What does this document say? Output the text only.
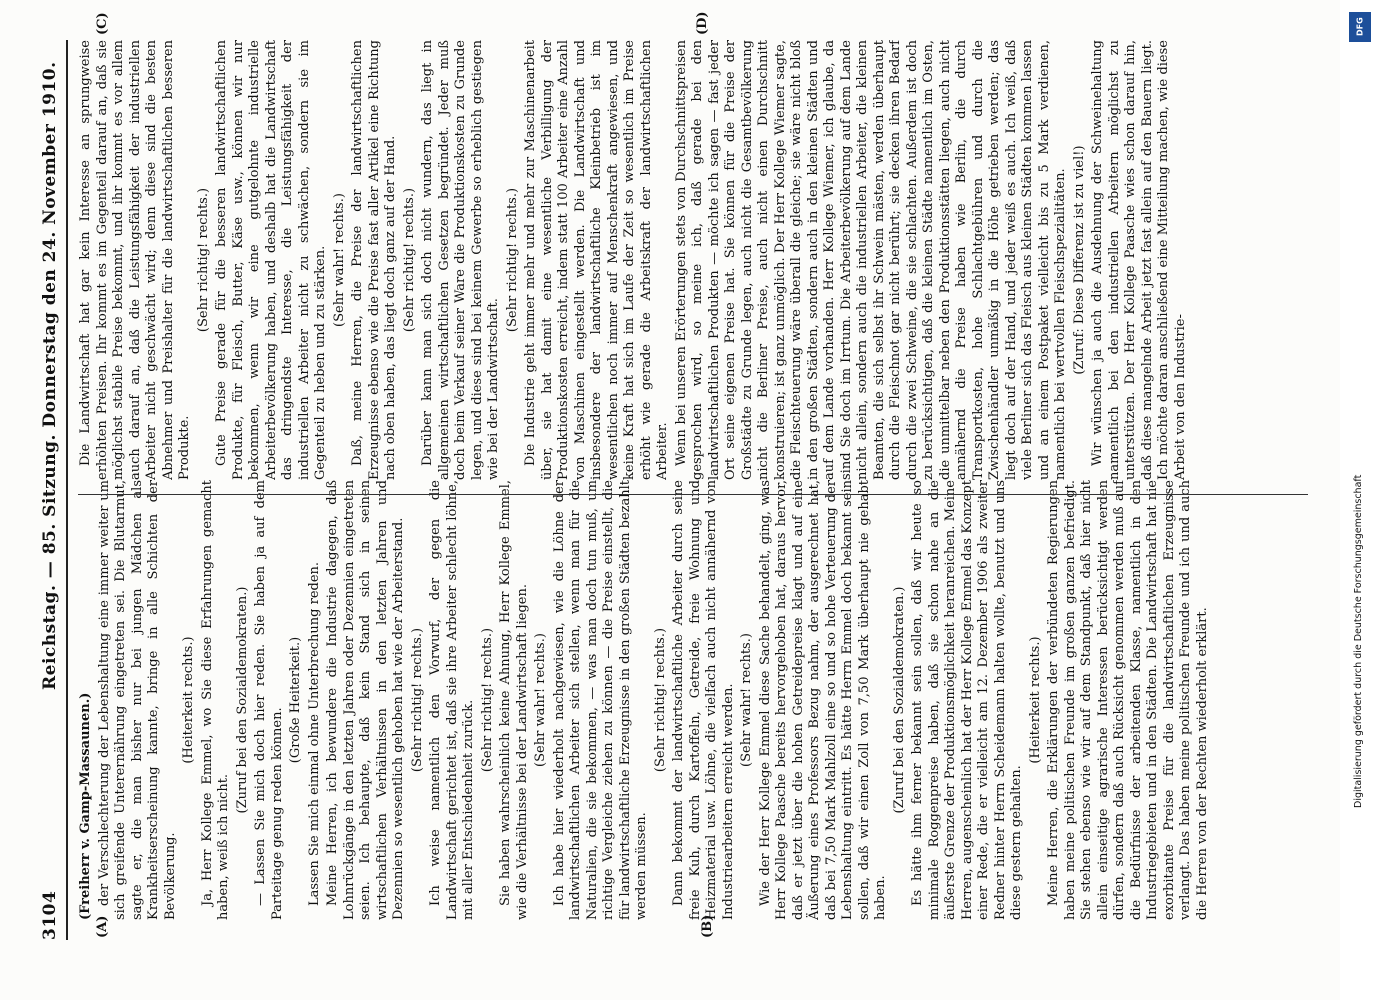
3104
Reichstag. — 85. Sitzung. Donnerstag den 24. November 1910.
(A)	(B)
(C)	(D)

(Freiherr v. Gamp-Massaunen.) der Verschlechterung der Lebenshaltung eine immer weiter um sich greifende Unterernährung eingetreten sei. Die Blutarmut, sagte er, die man bisher nur bei jungen Mädchen als Krankheitserscheinung kannte, bringe in alle Schichten der Bevölkerung.

(Heiterkeit rechts.) Ja, Herr Kollege Emmel, wo Sie diese Erfahrungen gemacht haben, weiß ich nicht.

(Zuruf bei den Sozialdemokraten.) — Lassen Sie mich doch hier reden. Sie haben ja auf dem Parteitage genug reden können.

(Große Heiterkeit.) Lassen Sie mich einmal ohne Unterbrechung reden. Meine Herren, ich bewundere die Industrie dagegen, daß Lohnrückgänge in den letzten Jahren oder Dezennien eingetreten seien. Ich behaupte, daß kein Stand sich in seinen wirtschaftlichen Verhältnissen in den letzten Jahren und Dezennien so wesentlich gehoben hat wie der Arbeiterstand. (Sehr richtig! rechts.) Ich weise namentlich den Vorwurf, der gegen die Landwirtschaft gerichtet ist, daß sie ihre Arbeiter schlecht löhne, mit aller Entschiedenheit zurück. (Sehr richtig! rechts.) Sie haben wahrscheinlich keine Ahnung, Herr Kollege Emmel, wie die Verhältnisse bei der Landwirtschaft liegen. (Sehr wahr! rechts.) Ich habe hier wiederholt nachgewiesen, wie die Löhne der landwirtschaftlichen Arbeiter sich stellen, wenn man für die Naturalien, die sie bekommen, — was man doch tun muß, um richtige Vergleiche ziehen zu können — die Preise einstellt, die für landwirtschaftliche Erzeugnisse in den großen Städten bezahlt werden müssen.

(Sehr richtig! rechts.) Dann bekommt der landwirtschaftliche Arbeiter durch seine freie Kuh, durch Kartoffeln, Getreide, freie Wohnung und Heizmaterial usw. Löhne, die vielfach auch nicht annähernd von Industriearbeitern erreicht werden. (Sehr wahr! rechts.) Wie der Herr Kollege Emmel diese Sache behandelt, ging, was Herr Kollege Paasche bereits hervorgehoben hat, daraus hervor, daß er jetzt über die hohen Getreidepreise klagt und auf eine Äußerung eines Professors Bezug nahm, der ausgerechnet hat, daß bei 7,50 Mark Mahlzoll eine so und so hohe Verteuerung der Lebenshaltung eintritt. Es hätte Herrn Emmel doch bekannt sein sollen, daß wir einen Zoll von 7,50 Mark überhaupt nie gehabt haben.

(Zuruf bei den Sozialdemokraten.) Es hätte ihm ferner bekannt sein sollen, daß wir heute so minimale Roggenpreise haben, daß sie schon nahe an die äußerste Grenze der Produktionsmöglichkeit heranreichen. Meine Herren, augenscheinlich hat der Herr Kollege Emmel das Konzept einer Rede, die er vielleicht am 12. Dezember 1906 als zweiter Redner hinter Herrn Scheidemann halten wollte, benutzt und uns diese gestern gehalten.

(Heiterkeit rechts.) Meine Herren, die Erklärungen der verbündeten Regierungen haben meine politischen Freunde im großen ganzen befriedigt. Sie stehen ebenso wie wir auf dem Standpunkt, daß hier nicht allein einseitige agrarische Interessen berücksichtigt werden dürfen, sondern daß auch Rücksicht genommen werden muß auf die Bedürfnisse der arbeitenden Klasse, namentlich in den Industriegebieten und in den Städten. Die Landwirtschaft hat nie exorbitante Preise für die landwirtschaftlichen Erzeugnisse verlangt. Das haben meine politischen Freunde und ich und auch die Herren von der Rechten wiederholt erklärt.

Die Landwirtschaft hat gar kein Interesse an sprungweise erhöhten Preisen. Ihr kommt es im Gegenteil darauf an, daß sie möglichst stabile Preise bekommt, und ihr kommt es vor allem auch darauf an, daß die Leistungsfähigkeit der industriellen Arbeiter nicht geschwächt wird; denn diese sind die besten Abnehmer und Preishalter für die landwirtschaftlichen besseren Produkte.

(Sehr richtig! rechts.) Gute Preise gerade für die besseren landwirtschaftlichen Produkte, für Fleisch, Butter, Käse usw., können wir nur bekommen, wenn wir eine gutgelohnte industrielle Arbeiterbevölkerung haben, und deshalb hat die Landwirtschaft das dringendste Interesse, die Leistungsfähigkeit der industriellen Arbeiter nicht zu schwächen, sondern sie im Gegenteil zu heben und zu stärken. (Sehr wahr! rechts.) Daß, meine Herren, die Preise der landwirtschaftlichen Erzeugnisse ebenso wie die Preise fast aller Artikel eine Richtung nach oben haben, das liegt doch ganz auf der Hand. (Sehr richtig! rechts.) Darüber kann man sich doch nicht wundern, das liegt in allgemeinen wirtschaftlichen Gesetzen begründet. Jeder muß doch beim Verkauf seiner Ware die Produktionskosten zu Grunde legen, und diese sind bei keinem Gewerbe so erheblich gestiegen wie bei der Landwirtschaft.

(Sehr richtig! rechts.) Die Industrie geht immer mehr und mehr zur Maschinenarbeit über, sie hat damit eine wesentliche Verbilligung der Produktionskosten erreicht, indem statt 100 Arbeiter eine Anzahl von Maschinen eingestellt werden. Die Landwirtschaft und insbesondere der landwirtschaftliche Kleinbetrieb ist im wesentlichen noch immer auf Menschenkraft angewiesen, und keine Kraft hat sich im Laufe der Zeit so wesentlich im Preise erhöht wie gerade die Arbeitskraft der landwirtschaftlichen Arbeiter. Wenn bei unseren Erörterungen stets von Durchschnittspreisen gesprochen wird, so meine ich, daß gerade bei den landwirtschaftlichen Produkten — möchte ich sagen — fast jeder Ort seine eigenen Preise hat. Sie können für die Preise der Großstädte zu Grunde legen, auch nicht die Gesamtbevölkerung nicht die Berliner Preise, auch nicht einen Durchschnitt konstruieren; ist ganz unmöglich. Der Herr Kollege Wiemer sagte, die Fleischteuerung wäre überall die gleiche; sie wäre nicht bloß in den großen Städten, sondern auch in den kleinen Städten und auf dem Lande vorhanden. Herr Kollege Wiemer, ich glaube, da sind Sie doch im Irrtum. Die Arbeiterbevölkerung auf dem Lande nicht allein, sondern auch die industriellen Arbeiter, die kleinen Beamten, die sich selbst ihr Schwein mästen, werden überhaupt durch die Fleischnot gar nicht berührt; sie decken ihren Bedarf durch die zwei Schweine, die sie schlachten. Außerdem ist doch zu berücksichtigen, daß die kleinen Städte namentlich im Osten, die unmittelbar neben den Produktionsstätten liegen, auch nicht annähernd die Preise haben wie Berlin, die durch Transportkosten, hohe Schlachtgebühren und durch die Zwischenhändler unmäßig in die Höhe getrieben werden; das liegt doch auf der Hand, und jeder weiß es auch. Ich weiß, daß viele Berliner sich das Fleisch aus kleinen Städten kommen lassen und an einem Postpaket vielleicht bis zu 5 Mark verdienen, namentlich bei wertvollen Fleischspezialitäten. (Zuruf: Diese Differenz ist zu viel!) Wir wünschen ja auch die Ausdehnung der Schweinehaltung namentlich bei den industriellen Arbeitern möglichst zu unterstützen. Der Herr Kollege Paasche wies schon darauf hin, daß diese mangelnde Arbeit jetzt fast allein auf den Bauern liegt. Ich möchte daran anschließend eine Mitteilung machen, wie diese Arbeit von den Industrie-

DFG
Digitalisierung gefördert durch die Deutsche Forschungsgemeinschaft
